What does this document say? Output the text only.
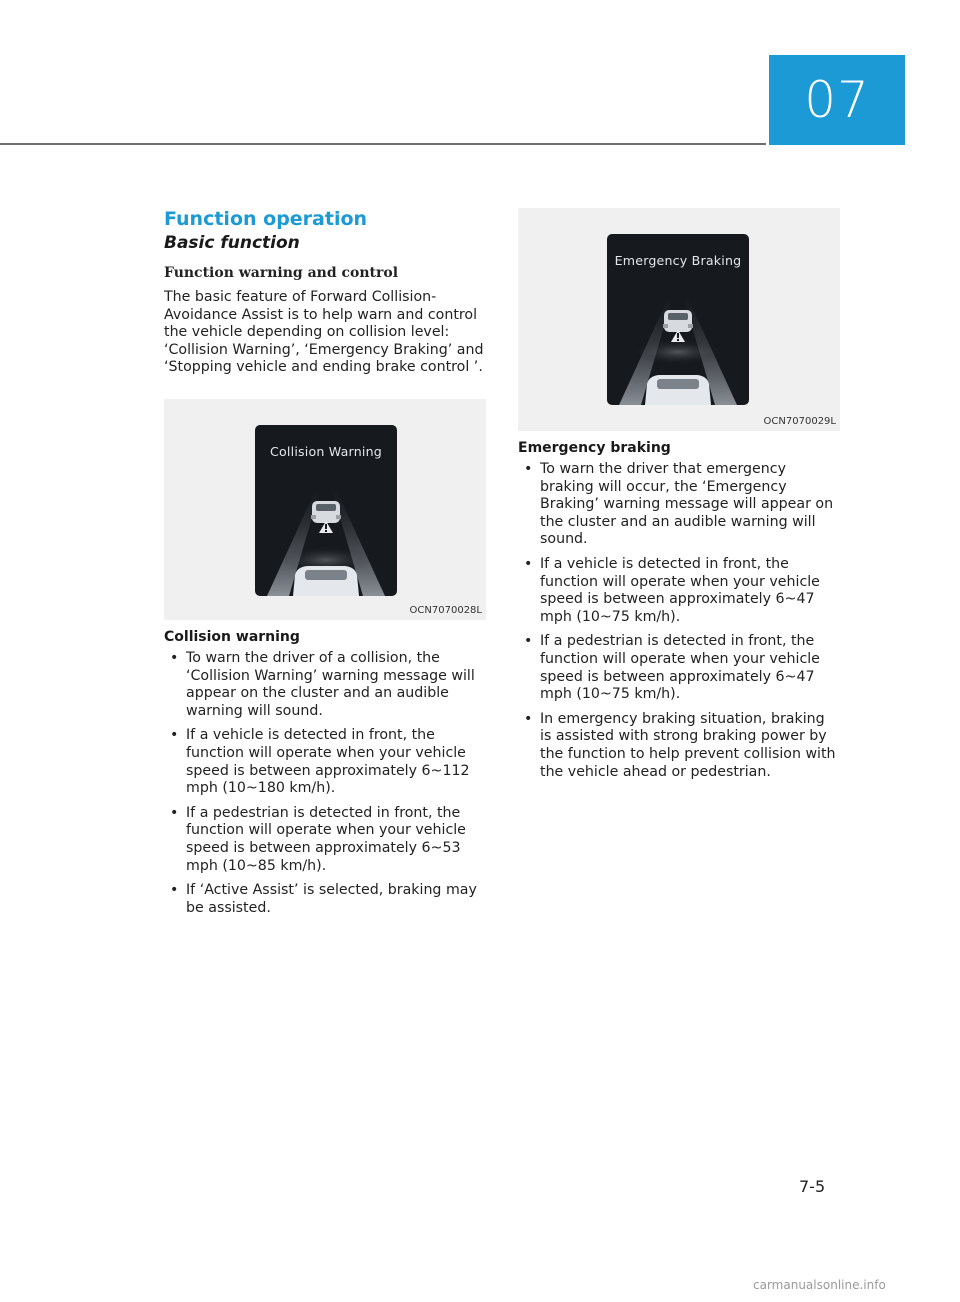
07
Function operation
Basic function
Function warning and control

The basic feature of Forward Collision-Avoidance Assist is to help warn and control the vehicle depending on collision level: ‘Collision Warning’, ‘Emergency Braking’ and ‘Stopping vehicle and ending brake control ’.

Collision Warning
OCN7070028L
Collision warning
• To warn the driver of a collision, the ‘Collision Warning’ warning message will appear on the cluster and an audible warning will sound.
• If a vehicle is detected in front, the function will operate when your vehicle speed is between approximately 6~112 mph (10~180 km/h).
• If a pedestrian is detected in front, the function will operate when your vehicle speed is between approximately 6~53 mph (10~85 km/h).
• If ‘Active Assist’ is selected, braking may be assisted.
Emergency Braking
OCN7070029L
Emergency braking
• To warn the driver that emergency braking will occur, the ‘Emergency Braking’ warning message will appear on the cluster and an audible warning will sound.
• If a vehicle is detected in front, the function will operate when your vehicle speed is between approximately 6~47 mph (10~75 km/h).
• If a pedestrian is detected in front, the function will operate when your vehicle speed is between approximately 6~47 mph (10~75 km/h).
• In emergency braking situation, braking is assisted with strong braking power by the function to help prevent collision with the vehicle ahead or pedestrian.
7-5
carmanualsonline.info
